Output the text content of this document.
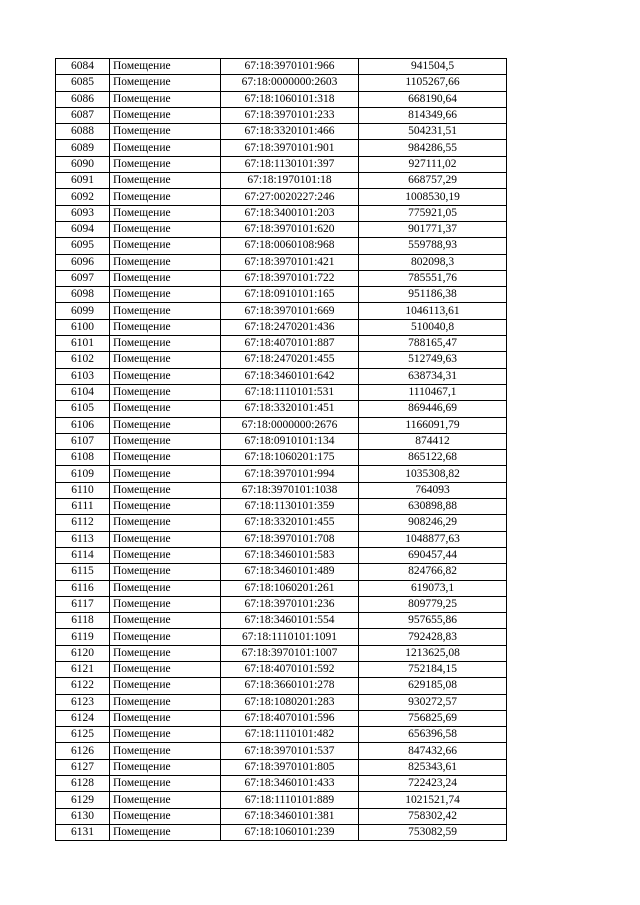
6084	Помещение	67:18:3970101:966	941504,5
6085	Помещение	67:18:0000000:2603	1105267,66
6086	Помещение	67:18:1060101:318	668190,64
6087	Помещение	67:18:3970101:233	814349,66
6088	Помещение	67:18:3320101:466	504231,51
6089	Помещение	67:18:3970101:901	984286,55
6090	Помещение	67:18:1130101:397	927111,02
6091	Помещение	67:18:1970101:18	668757,29
6092	Помещение	67:27:0020227:246	1008530,19
6093	Помещение	67:18:3400101:203	775921,05
6094	Помещение	67:18:3970101:620	901771,37
6095	Помещение	67:18:0060108:968	559788,93
6096	Помещение	67:18:3970101:421	802098,3
6097	Помещение	67:18:3970101:722	785551,76
6098	Помещение	67:18:0910101:165	951186,38
6099	Помещение	67:18:3970101:669	1046113,61
6100	Помещение	67:18:2470201:436	510040,8
6101	Помещение	67:18:4070101:887	788165,47
6102	Помещение	67:18:2470201:455	512749,63
6103	Помещение	67:18:3460101:642	638734,31
6104	Помещение	67:18:1110101:531	1110467,1
6105	Помещение	67:18:3320101:451	869446,69
6106	Помещение	67:18:0000000:2676	1166091,79
6107	Помещение	67:18:0910101:134	874412
6108	Помещение	67:18:1060201:175	865122,68
6109	Помещение	67:18:3970101:994	1035308,82
6110	Помещение	67:18:3970101:1038	764093
6111	Помещение	67:18:1130101:359	630898,88
6112	Помещение	67:18:3320101:455	908246,29
6113	Помещение	67:18:3970101:708	1048877,63
6114	Помещение	67:18:3460101:583	690457,44
6115	Помещение	67:18:3460101:489	824766,82
6116	Помещение	67:18:1060201:261	619073,1
6117	Помещение	67:18:3970101:236	809779,25
6118	Помещение	67:18:3460101:554	957655,86
6119	Помещение	67:18:1110101:1091	792428,83
6120	Помещение	67:18:3970101:1007	1213625,08
6121	Помещение	67:18:4070101:592	752184,15
6122	Помещение	67:18:3660101:278	629185,08
6123	Помещение	67:18:1080201:283	930272,57
6124	Помещение	67:18:4070101:596	756825,69
6125	Помещение	67:18:1110101:482	656396,58
6126	Помещение	67:18:3970101:537	847432,66
6127	Помещение	67:18:3970101:805	825343,61
6128	Помещение	67:18:3460101:433	722423,24
6129	Помещение	67:18:1110101:889	1021521,74
6130	Помещение	67:18:3460101:381	758302,42
6131	Помещение	67:18:1060101:239	753082,59
